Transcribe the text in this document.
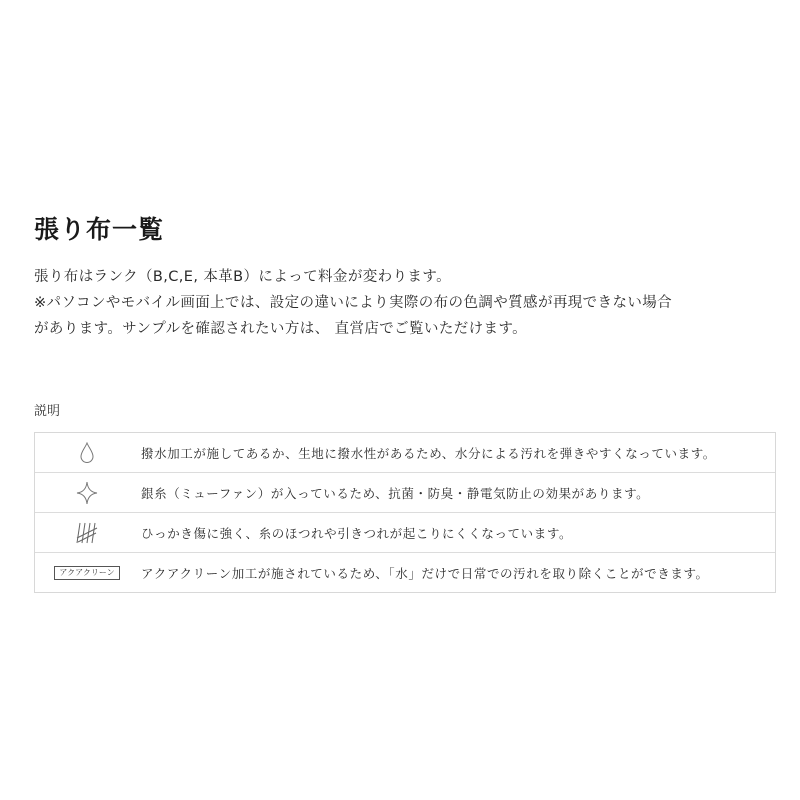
張り布一覧

張り布はランク（B,C,E, 本革B）によって料金が変わります。

※パソコンやモバイル画面上では、設定の違いにより実際の布の色調や質感が再現できない場合

があります。サンプルを確認されたい方は、 直営店でご覧いただけます。

説明
撥水加工が施してあるか、生地に撥水性があるため、水分による汚れを弾きやすくなっています。
銀糸（ミューファン）が入っているため、抗菌・防臭・静電気防止の効果があります。
ひっかき傷に強く、糸のほつれや引きつれが起こりにくくなっています。
アクアクリーン	アクアクリーン加工が施されているため、「水」だけで日常での汚れを取り除くことができます。
